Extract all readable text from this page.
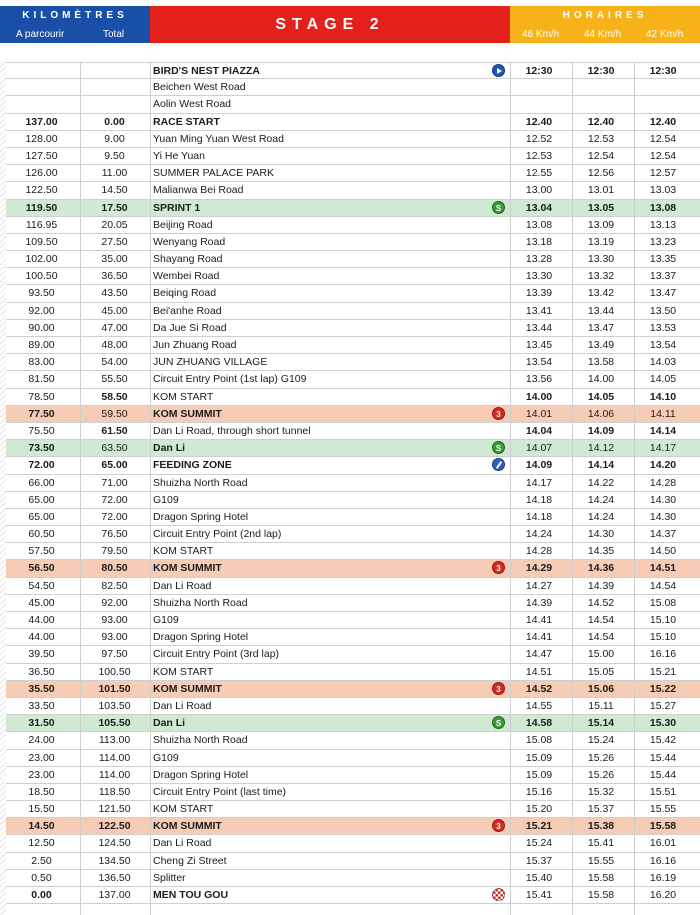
KILOMÈTRES
A parcourir	Total
STAGE 2
HORAIRES
46 Km/h 44 Km/h 42 Km/h
BIRD'S NEST PIAZZA	12:30	12:30	12:30
Beichen West Road
Aolin West Road
137.00	0.00	RACE START	12.40	12.40	12.40
128.00	9.00	Yuan Ming Yuan West Road	12.52	12.53	12.54
127.50	9.50	Yi He Yuan	12.53	12.54	12.54
126.00	11.00	SUMMER PALACE PARK	12.55	12.56	12.57
122.50	14.50	Malianwa Bei Road	13.00	13.01	13.03
119.50	17.50	SPRINT 1	13.04	13.05	13.08
S
116.95	20.05	Beijing Road	13.08	13.09	13.13
109.50	27.50	Wenyang Road	13.18	13.19	13.23
102.00	35.00	Shayang Road	13.28	13.30	13.35
100.50	36.50	Wembei Road	13.30	13.32	13.37
93.50	43.50	Beiqing Road	13.39	13.42	13.47
92.00	45.00	Bei'anhe Road	13.41	13.44	13.50
90.00	47.00	Da Jue Si Road	13.44	13.47	13.53
89.00	48.00	Jun Zhuang Road	13.45	13.49	13.54
83.00	54.00	JUN ZHUANG VILLAGE	13.54	13.58	14.03
81.50	55.50	Circuit Entry Point (1st lap) G109	13.56	14.00	14.05
78.50	58.50	KOM START	14.00	14.05	14.10
77.50	59.50	KOM SUMMIT	14.01	14.06	14.11
3
75.50	61.50	Dan Li Road, through short tunnel	14.04	14.09	14.14
73.50	63.50	Dan Li	14.07	14.12	14.17
S
72.00	65.00	FEEDING ZONE	14.09	14.14	14.20
66.00	71.00	Shuizha North Road	14.17	14.22	14.28
65.00	72.00	G109	14.18	14.24	14.30
65.00	72.00	Dragon Spring Hotel	14.18	14.24	14.30
60.50	76.50	Circuit Entry Point (2nd lap)	14.24	14.30	14.37
57.50	79.50	KOM START	14.28	14.35	14.50
56.50	80.50	KOM SUMMIT	14.29	14.36	14.51
3
54.50	82.50	Dan Li Road	14.27	14.39	14.54
45.00	92.00	Shuizha North Road	14.39	14.52	15.08
44.00	93.00	G109	14.41	14.54	15.10
44.00	93.00	Dragon Spring Hotel	14.41	14.54	15.10
39.50	97.50	Circuit Entry Point (3rd lap)	14.47	15.00	16.16
36.50	100.50	KOM START	14.51	15.05	15.21
35.50	101.50	KOM SUMMIT	14.52	15.06	15.22
3
33.50	103.50	Dan Li Road	14.55	15.11	15.27
31.50	105.50	Dan Li	14.58	15.14	15.30
S
24.00	113.00	Shuizha North Road	15.08	15.24	15.42
23.00	114.00	G109	15.09	15.26	15.44
23.00	114.00	Dragon Spring Hotel	15.09	15.26	15.44
18.50	118.50	Circuit Entry Point (last time)	15.16	15.32	15.51
15.50	121.50	KOM START	15.20	15.37	15.55
14.50	122.50	KOM SUMMIT	15.21	15.38	15.58
3
12.50	124.50	Dan Li Road	15.24	15.41	16.01
2.50	134.50	Cheng Zi Street	15.37	15.55	16.16
0.50	136.50	Splitter	15.40	15.58	16.19
0.00	137.00	MEN TOU GOU	15.41	15.58	16.20
